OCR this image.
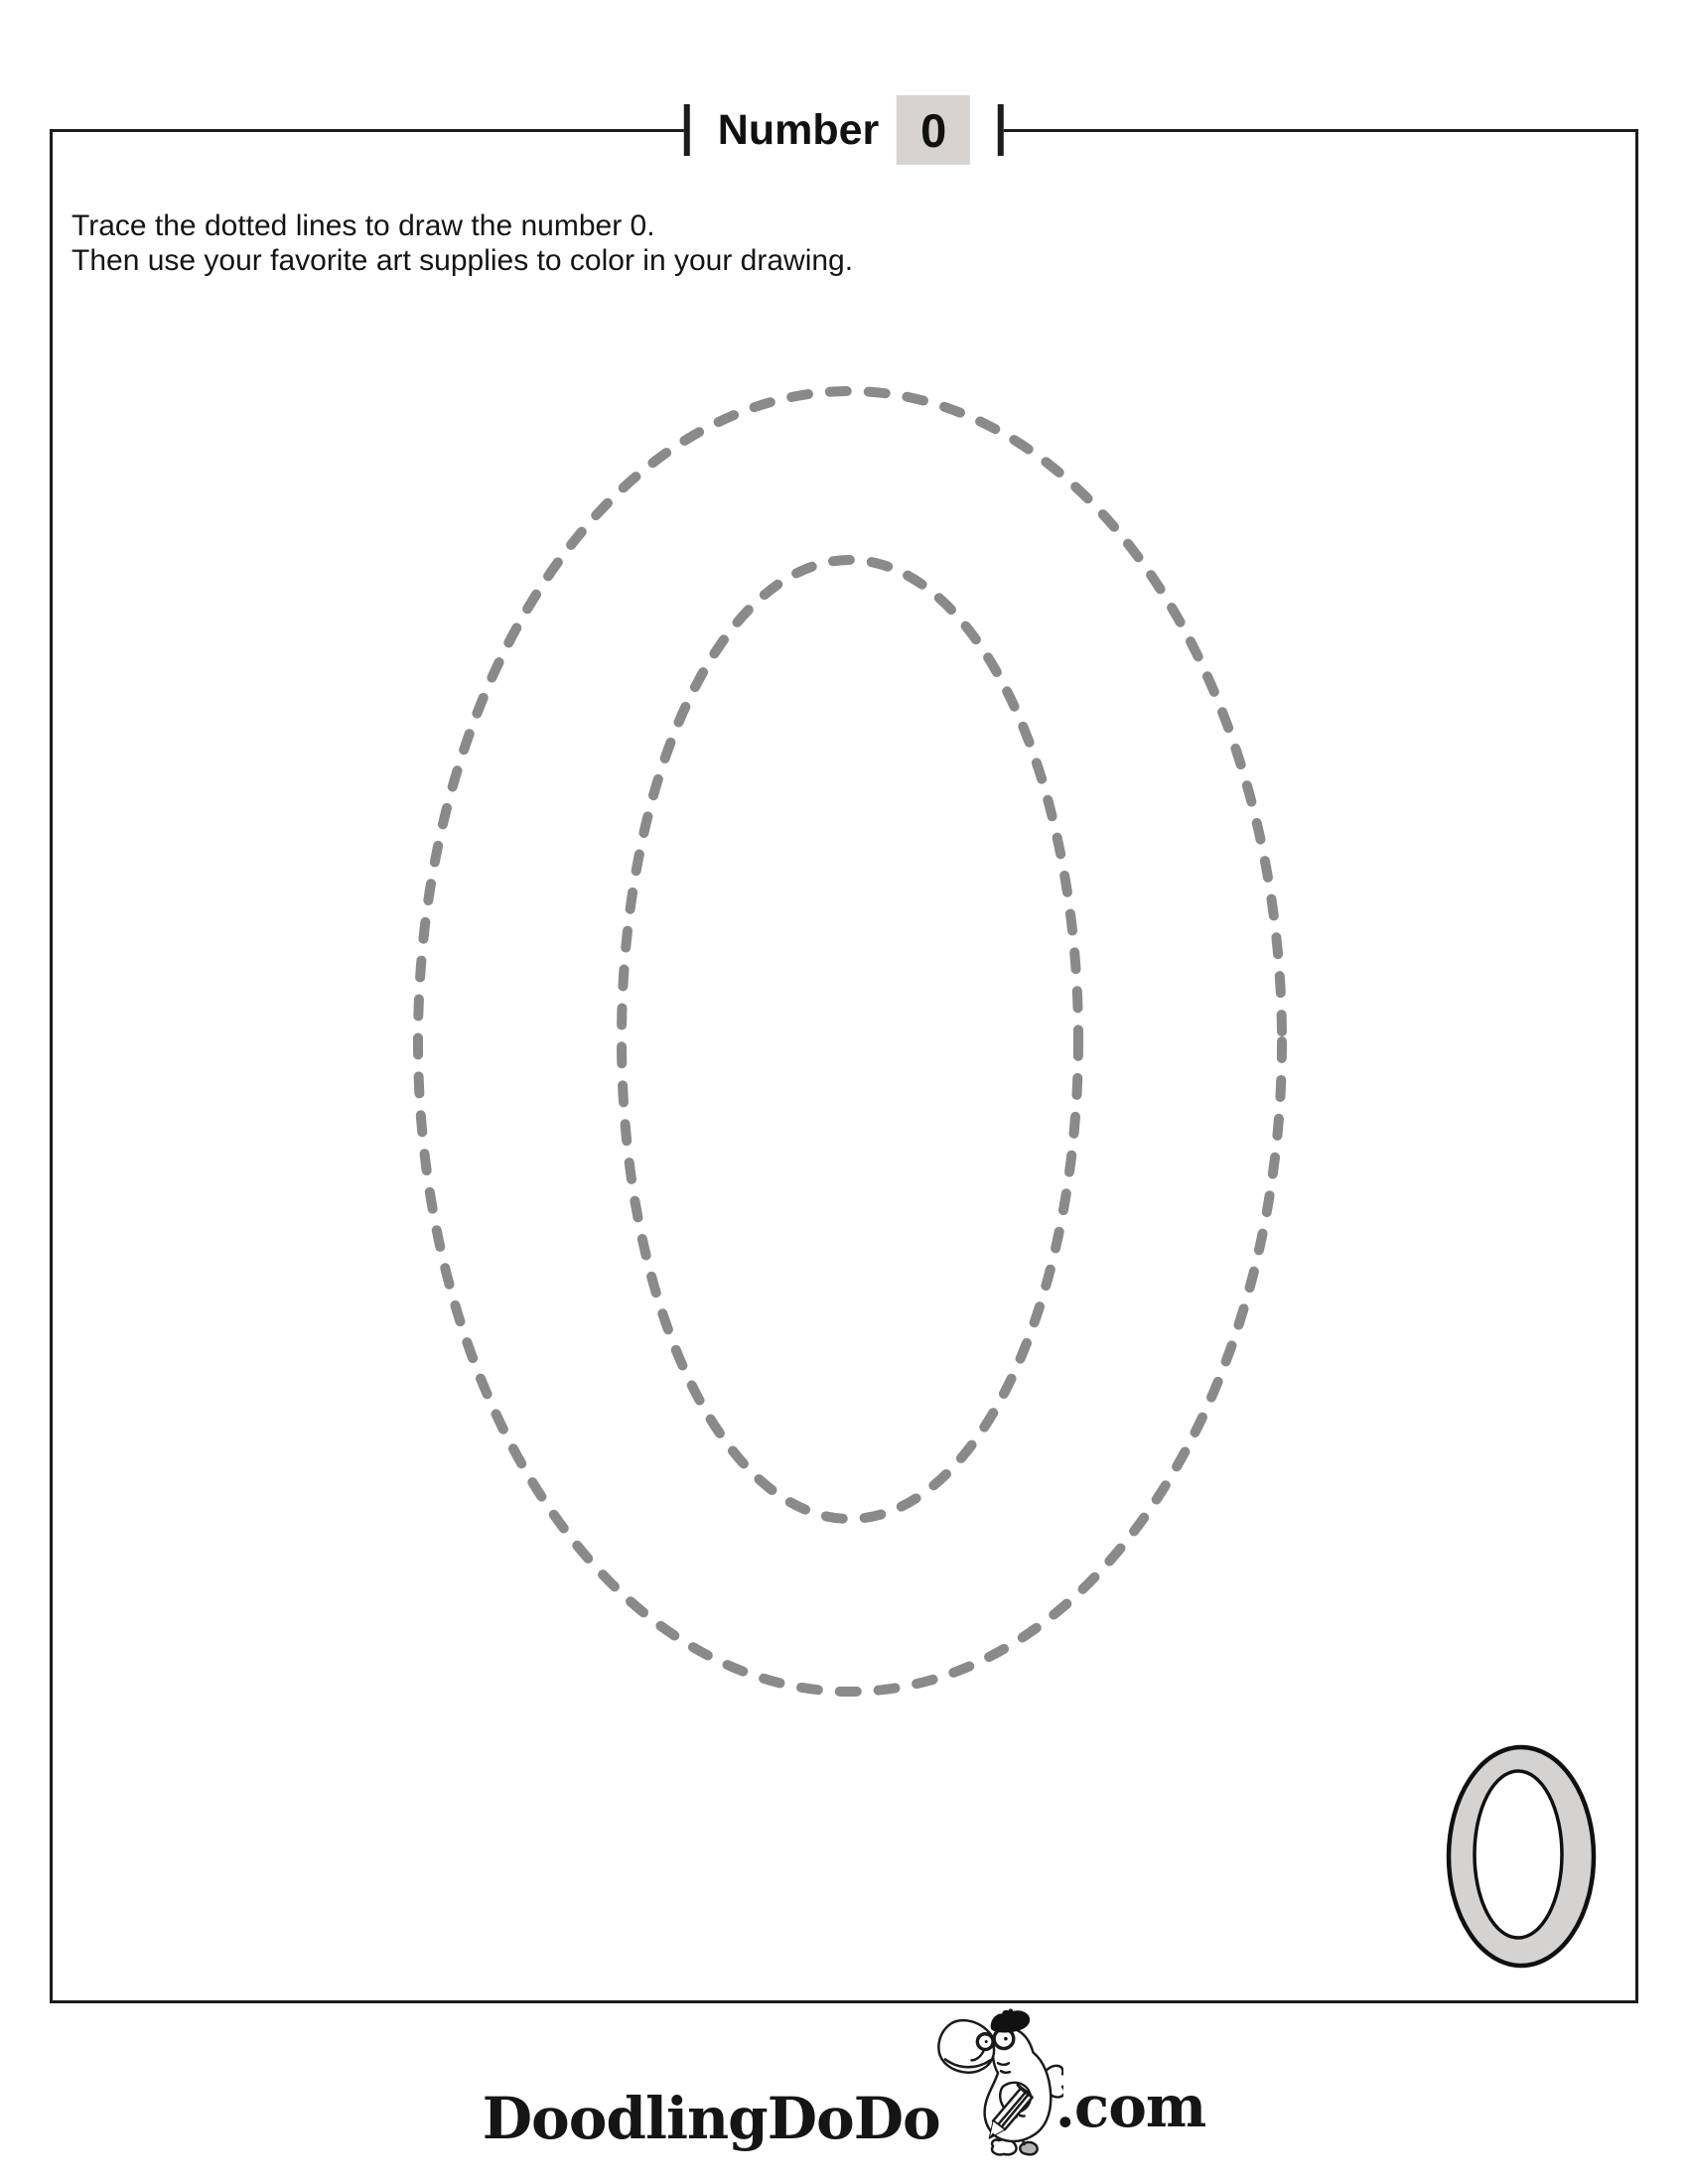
Number 0
Trace the dotted lines to draw the number 0.
Then use your favorite art supplies to color in your drawing.
DoodlingDoDo .com
